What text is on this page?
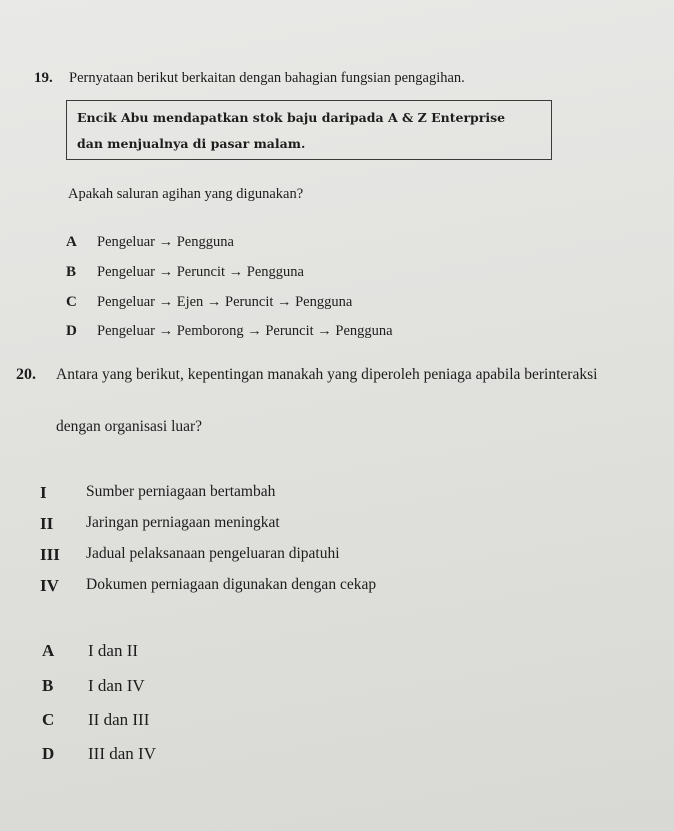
19. Pernyataan berikut berkaitan dengan bahagian fungsian pengagihan.
Encik Abu mendapatkan stok baju daripada A & Z Enterprise
dan menjualnya di pasar malam.
Apakah saluran agihan yang digunakan?
A Pengeluar → Pengguna
B Pengeluar → Peruncit → Pengguna
C Pengeluar → Ejen → Peruncit → Pengguna
D Pengeluar → Pemborong → Peruncit → Pengguna
20. Antara yang berikut, kepentingan manakah yang diperoleh peniaga apabila berinteraksi
dengan organisasi luar?
I	Sumber perniagaan bertambah
II Jaringan perniagaan meningkat
III Jadual pelaksanaan pengeluaran dipatuhi
IV Dokumen perniagaan digunakan dengan cekap
A I dan II
B I dan IV
C II dan III
D III dan IV
